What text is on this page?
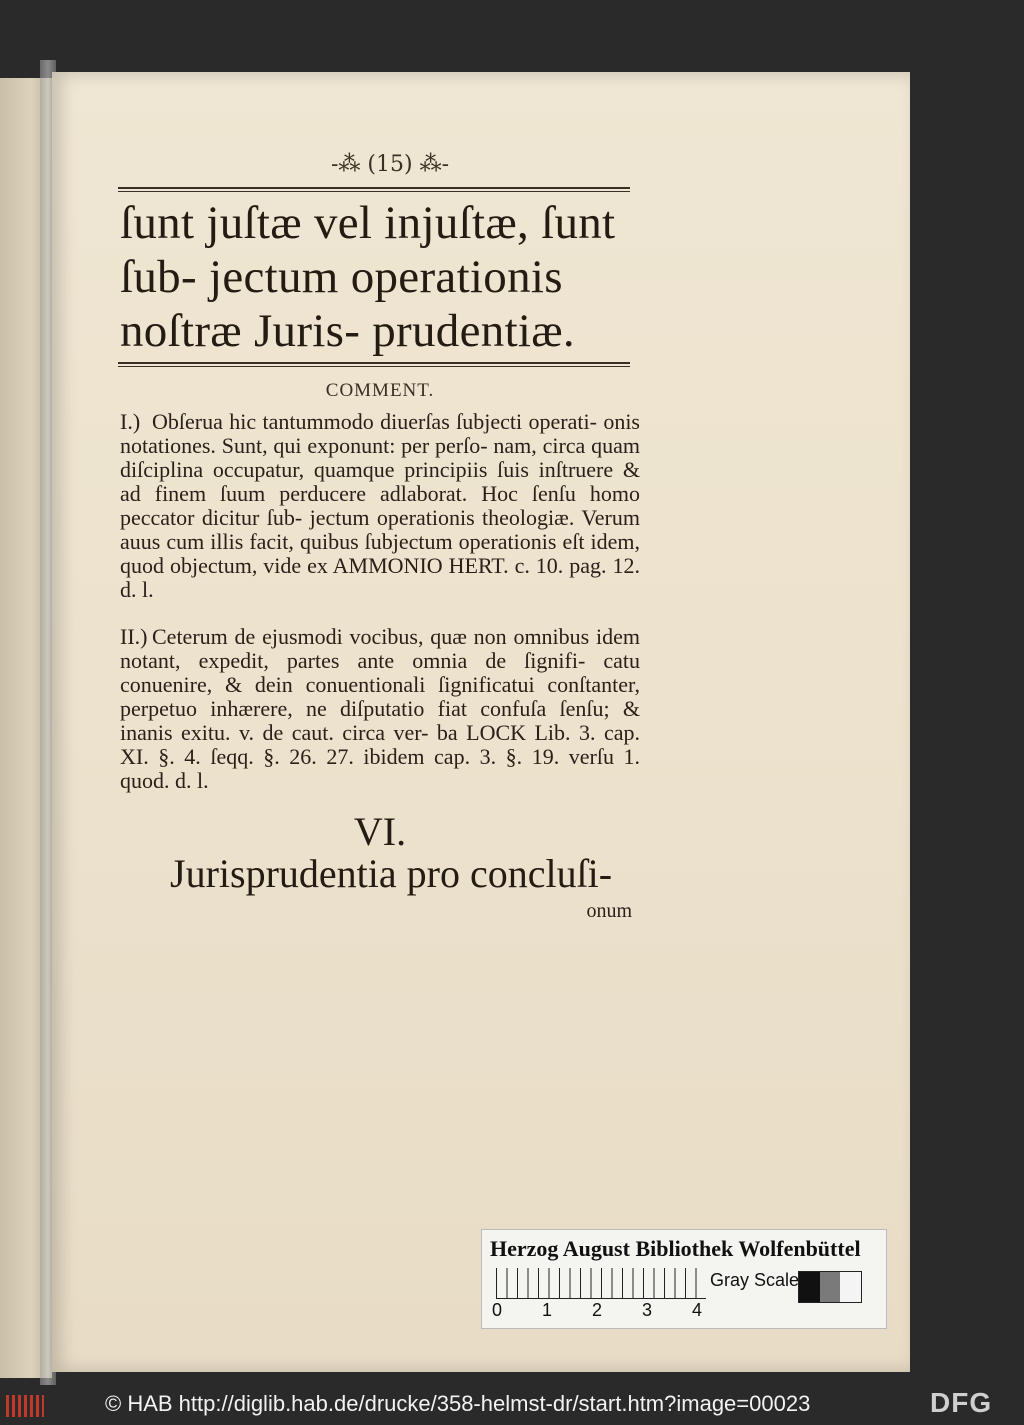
-⁂ (15) ⁂-
ſunt juſtæ vel injuſtæ, ſunt ſub- jectum operationis noſtræ Juris- prudentiæ.
COMMENT.
I.) Obſerua hic tantummodo diuerſas ſubjecti operati- onis notationes. Sunt, qui exponunt: per perſo- nam, circa quam diſciplina occupatur, quamque principiis ſuis inſtruere & ad finem ſuum perducere adlaborat. Hoc ſenſu homo peccator dicitur ſub- jectum operationis theologiæ. Verum auus cum illis facit, quibus ſubjectum operationis eſt idem, quod objectum, vide ex AMMONIO HERT. c. 10. pag. 12. d. l.
II.) Ceterum de ejusmodi vocibus, quæ non omnibus idem notant, expedit, partes ante omnia de ſignifi- catu conuenire, & dein conuentionali ſignificatui conſtanter, perpetuo inhærere, ne diſputatio fiat confuſa ſenſu; & inanis exitu. v. de caut. circa ver- ba LOCK Lib. 3. cap. XI. §. 4. ſeqq. §. 26. 27. ibidem cap. 3. §. 19. verſu 1. quod. d. l.
VI.
Jurisprudentia pro concluſi-
onum
Herzog August Bibliothek Wolfenbüttel
0 1 2 3 4
Gray Scale
© HAB http://diglib.hab.de/drucke/358-helmst-dr/start.htm?image=00023	DFG
